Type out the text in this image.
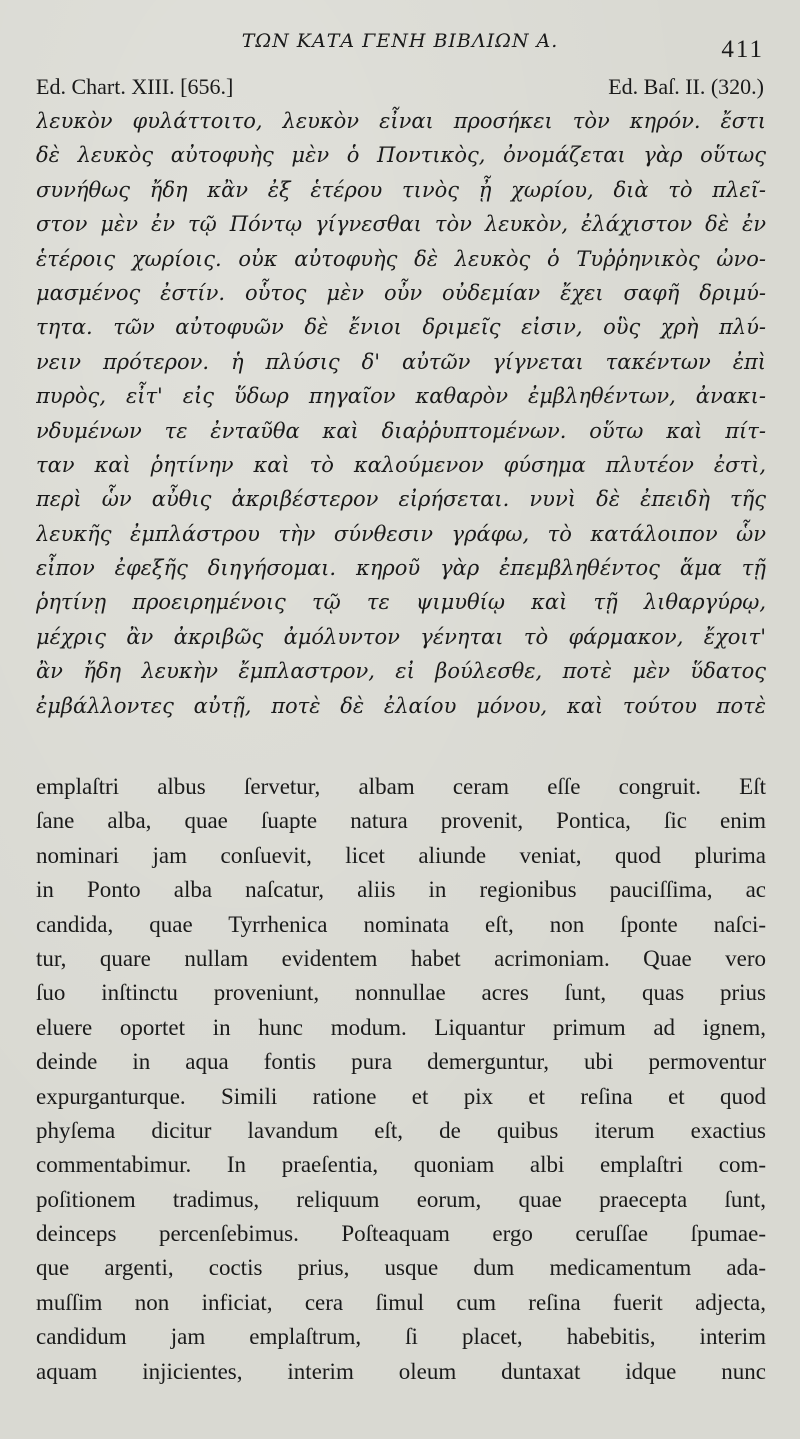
ΤΩΝ ΚΑΤΑ ΓΕΝΗ ΒΙΒΛΙΩΝ Α.	411
Ed. Chart. XIII. [656.]	Ed. Baſ. II. (320.)
λευκὸν φυλάττοιτο, λευκὸν εἶναι προσήκει τὸν κηρόν. ἔστι
δὲ λευκὸς αὐτοφυὴς μὲν ὁ Ποντικὸς, ὀνομάζεται γὰρ οὕτως
συνήθως ἤδη κἂν ἐξ ἑτέρου τινὸς ᾖ χωρίου, διὰ τὸ πλεῖ-
στον μὲν ἐν τῷ Πόντῳ γίγνεσθαι τὸν λευκὸν, ἐλάχιστον δὲ ἐν
ἑτέροις χωρίοις. οὐκ αὐτοφυὴς δὲ λευκὸς ὁ Τυῤῥηνικὸς ὠνο-
μασμένος ἐστίν. οὗτος μὲν οὖν οὐδεμίαν ἔχει σαφῆ δριμύ-
τητα. τῶν αὐτοφυῶν δὲ ἔνιοι δριμεῖς εἰσιν, οὓς χρὴ πλύ-
νειν πρότερον. ἡ πλύσις δ' αὐτῶν γίγνεται τακέντων ἐπὶ
πυρὸς, εἶτ' εἰς ὕδωρ πηγαῖον καθαρὸν ἐμβληθέντων, ἀνακι-
νδυμένων τε ἐνταῦθα καὶ διαῤῥυπτομένων. οὕτω καὶ πίτ-
ταν καὶ ῥητίνην καὶ τὸ καλούμενον φύσημα πλυτέον ἐστὶ,
περὶ ὧν αὖθις ἀκριβέστερον εἰρήσεται. νυνὶ δὲ ἐπειδὴ τῆς
λευκῆς ἐμπλάστρου τὴν σύνθεσιν γράφω, τὸ κατάλοιπον ὧν
εἶπον ἐφεξῆς διηγήσομαι. κηροῦ γὰρ ἐπεμβληθέντος ἅμα τῇ
ῥητίνῃ προειρημένοις τῷ τε ψιμυθίῳ καὶ τῇ λιθαργύρῳ,
μέχρις ἂν ἀκριβῶς ἀμόλυντον γένηται τὸ φάρμακον, ἔχοιτ'
ἂν ἤδη λευκὴν ἔμπλαστρον, εἰ βούλεσθε, ποτὲ μὲν ὕδατος
ἐμβάλλοντες αὐτῇ, ποτὲ δὲ ἐλαίου μόνου, καὶ τούτου ποτὲ
emplaſtri albus ſervetur, albam ceram eſſe congruit. Eſt
ſane alba, quae ſuapte natura provenit, Pontica, ſic enim
nominari jam conſuevit, licet aliunde veniat, quod plurima
in Ponto alba naſcatur, aliis in regionibus pauciſſima, ac
candida, quae Tyrrhenica nominata eſt, non ſponte naſci-
tur, quare nullam evidentem habet acrimoniam. Quae vero
ſuo inſtinctu proveniunt, nonnullae acres ſunt, quas prius
eluere oportet in hunc modum. Liquantur primum ad ignem,
deinde in aqua fontis pura demerguntur, ubi permoventur
expurganturque. Simili ratione et pix et reſina et quod
phyſema dicitur lavandum eſt, de quibus iterum exactius
commentabimur. In praeſentia, quoniam albi emplaſtri com-
poſitionem tradimus, reliquum eorum, quae praecepta ſunt,
deinceps percenſebimus. Poſteaquam ergo ceruſſae ſpumae-
que argenti, coctis prius, usque dum medicamentum ada-
muſſim non inficiat, cera ſimul cum reſina fuerit adjecta,
candidum jam emplaſtrum, ſi placet, habebitis, interim
aquam injicientes, interim oleum duntaxat idque nunc
